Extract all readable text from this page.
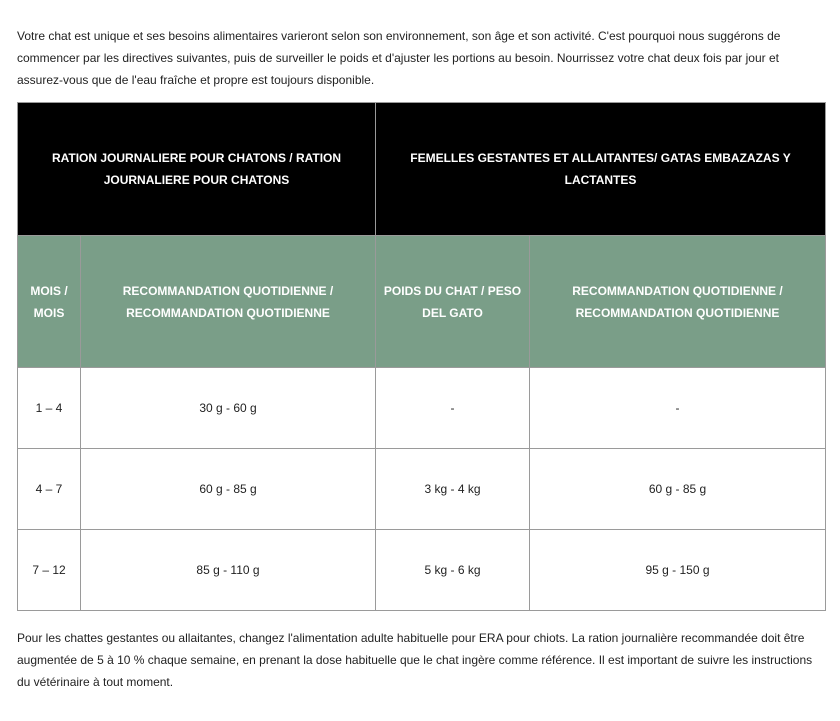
Votre chat est unique et ses besoins alimentaires varieront selon son environnement, son âge et son activité. C'est pourquoi nous suggérons de commencer par les directives suivantes, puis de surveiller le poids et d'ajuster les portions au besoin. Nourrissez votre chat deux fois par jour et assurez-vous que de l'eau fraîche et propre est toujours disponible.

RATION JOURNALIERE POUR CHATONS / RATION JOURNALIERE POUR CHATONS		FEMELLES GESTANTES ET ALLAITANTES/ GATAS EMBAZAZAS Y LACTANTES	
MOIS / MOIS	RECOMMANDATION QUOTIDIENNE / RECOMMANDATION QUOTIDIENNE	POIDS DU CHAT / PESO DEL GATO	RECOMMANDATION QUOTIDIENNE / RECOMMANDATION QUOTIDIENNE
1 – 4	30 g - 60 g	-	-
4 – 7	60 g - 85 g	3 kg - 4 kg	60 g - 85 g
7 – 12	85 g - 110 g	5 kg - 6 kg	95 g - 150 g

Pour les chattes gestantes ou allaitantes, changez l'alimentation adulte habituelle pour ERA pour chiots. La ration journalière recommandée doit être augmentée de 5 à 10 % chaque semaine, en prenant la dose habituelle que le chat ingère comme référence. Il est important de suivre les instructions du vétérinaire à tout moment.
